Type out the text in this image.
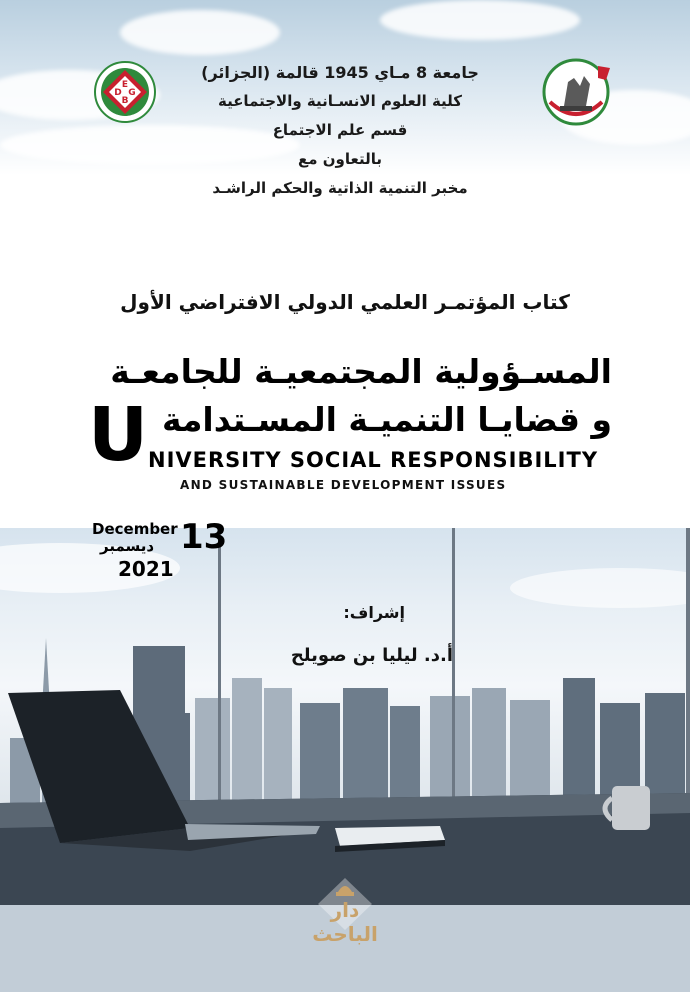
E
D G
B
جامعة 8 مـاي 1945 قالمة (الجزائر)
كلية العلوم الانسـانية والاجتماعية
قسم علم الاجتماع
بالتعاون مع
مخبر التنمية الذاتية والحكم الراشـد
كتاب المؤتمـر العلمي الدولي الافتراضي الأول
المسـؤولية المجتمعيـة للجامعـة
و قضايـا التنميـة المسـتدامة
U NIVERSITY SOCIAL RESPONSIBILITY
AND SUSTAINABLE DEVELOPMENT ISSUES
December
ديسمبر 13
2021
إشراف:
أ.د. ليليا بن صويلح
دار الباحث
